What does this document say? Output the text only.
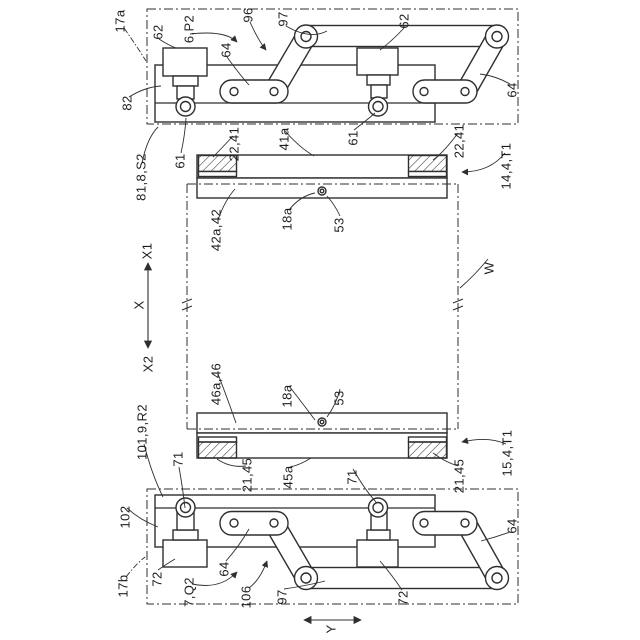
17a 62 6,P2	96 97	62
64
82
61
81,8,S2
61
64
22,41	41a	22,41
14,4,T1
42a,42	18a	53
W
X1
X
X2	46a,46	18a	53
101,9,R2 71	21,45 45a	71
15,4,T1
21,45
102
17b 72 7,Q2
64
106 97	72
64
Y
